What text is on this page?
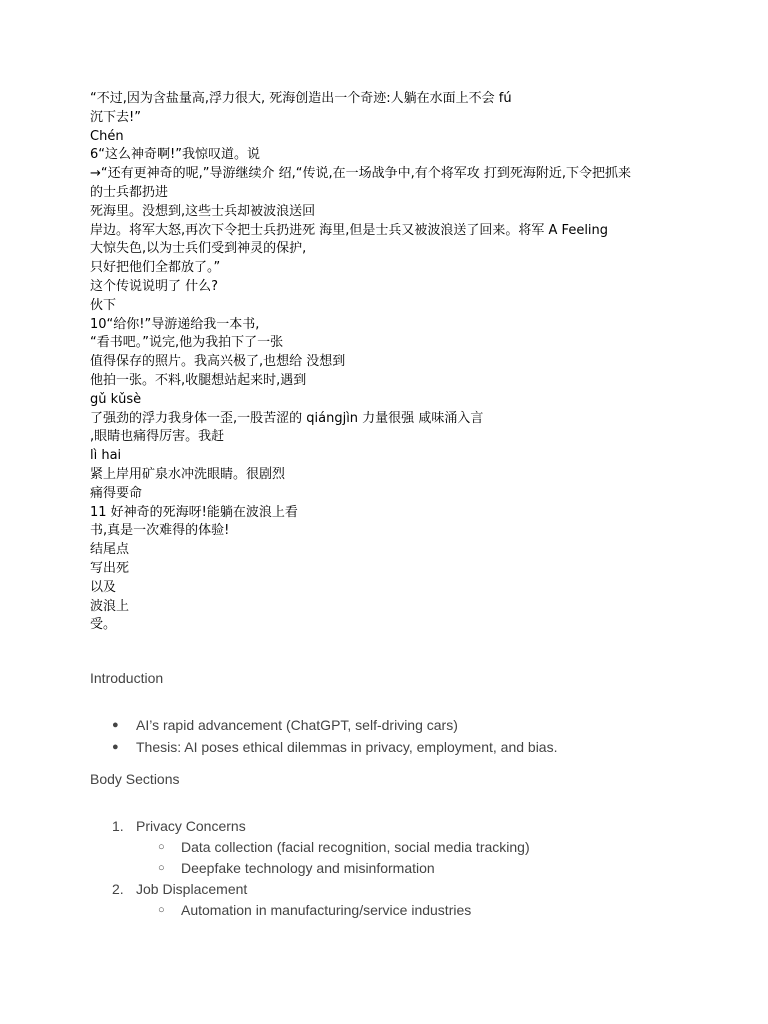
“不过,因为含盐量高,浮力很大, 死海创造出一个奇迹:人躺在水面上不会 fú
沉下去!”
Chén
6“这么神奇啊!”我惊叹道。说
→“还有更神奇的呢,”导游继续介 绍,“传说,在一场战争中,有个将军攻 打到死海附近,下令把抓来
的士兵都扔进
死海里。没想到,这些士兵却被波浪送回
岸边。将军大怒,再次下令把士兵扔进死 海里,但是士兵又被波浪送了回来。将军 A Feeling
大惊失色,以为士兵们受到神灵的保护,
只好把他们全都放了。”
这个传说说明了 什么?
伙下
10“给你!”导游递给我一本书,
“看书吧。”说完,他为我拍下了一张
值得保存的照片。我高兴极了,也想给 没想到
他拍一张。不料,收腿想站起来时,遇到
gǔ kǔsè
了强劲的浮力我身体一歪,一股苦涩的 qiángjìn 力量很强 咸味涌入言
,眼睛也痛得厉害。我赶
lì hai
紧上岸用矿泉水冲洗眼睛。很剧烈
痛得要命
11 好神奇的死海呀!能躺在波浪上看
书,真是一次难得的体验!
结尾点
写出死
以及
波浪上
受。
Introduction
● AI’s rapid advancement (ChatGPT, self-driving cars)
● Thesis: AI poses ethical dilemmas in privacy, employment, and bias.
Body Sections
1. Privacy Concerns
○ Data collection (facial recognition, social media tracking)
○ Deepfake technology and misinformation
2. Job Displacement
○ Automation in manufacturing/service industries
